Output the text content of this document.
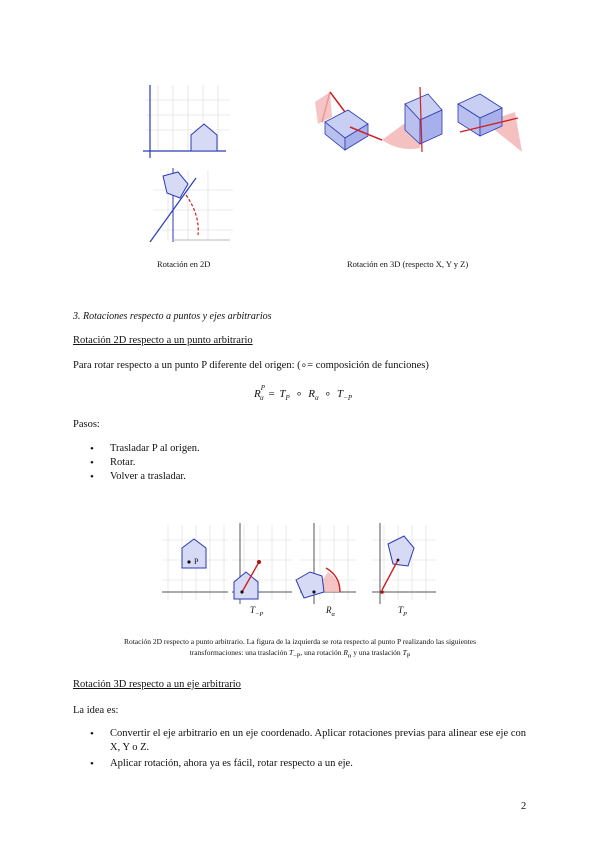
Rotación en 2D	Rotación en 3D (respecto X, Y y Z)
3. Rotaciones respecto a puntos y ejes arbitrarios
Rotación 2D respecto a un punto arbitrario
Para rotar respecto a un punto P diferente del origen: (∘= composición de funciones)
$R^P_\alpha = T_P$ ∘ $R_\alpha$ ∘ $T_{-P}$
Pasos:
• Trasladar P al origen.
• Rotar.
• Volver a trasladar.
P
$T_{-P}$	$R_\alpha$	$T_P$
Rotación 2D respecto a punto arbitrario. La figura de la izquierda se rota respecto al punto P realizando las siguientes
transformaciones: una traslación $T_{-P}$, una rotación $R_\alpha$ y una traslación $T_P$
Rotación 3D respecto a un eje arbitrario
La idea es:
• Convertir el eje arbitrario en un eje coordenado. Aplicar rotaciones previas para alinear ese eje con X, Y o Z.
• Aplicar rotación, ahora ya es fácil, rotar respecto a un eje.
2
